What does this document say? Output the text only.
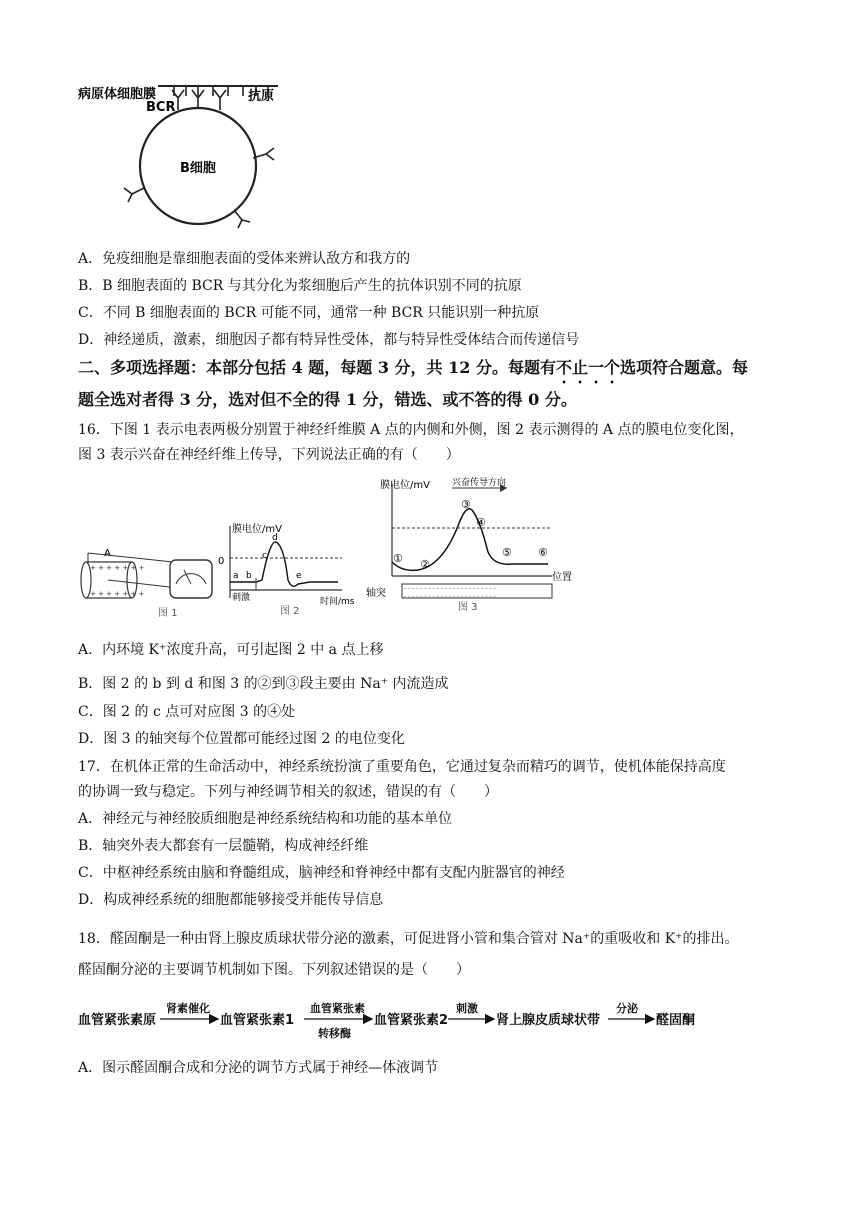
病原体细胞膜
BCR
抗原
B细胞
A．免疫细胞是靠细胞表面的受体来辨认敌方和我方的
B．B 细胞表面的 BCR 与其分化为浆细胞后产生的抗体识别不同的抗原
C．不同 B 细胞表面的 BCR 可能不同，通常一种 BCR 只能识别一种抗原
D．神经递质，激素，细胞因子都有特异性受体，都与特异性受体结合而传递信号
二、多项选择题：本部分包括 4 题，每题 3 分，共 12 分。每题有不止一个选项符合题意。每
题全选对者得 3 分，选对但不全的得 1 分，错选、或不答的得 0 分。
16．下图 1 表示电表两极分别置于神经纤维膜 A 点的内侧和外侧，图 2 表示测得的 A 点的膜电位变化图，
图 3 表示兴奋在神经纤维上传导，下列说法正确的有（　　）
+ + + + + + +
+ + + + + + +
A
0
图 1
膜电位/mV
时间/ms
刺激
a b
c
d
e
图 2
- - - - - - - - - - - - - - - - - - - - - - -
- - - - - - - - - - - - - - - - - - - - - - -
膜电位/mV 兴奋传导方向
位置
轴突
① ②
③
④
⑤ ⑥
图 3
A．内环境 K⁺浓度升高，可引起图 2 中 a 点上移
B．图 2 的 b 到 d 和图 3 的②到③段主要由 Na⁺ 内流造成
C．图 2 的 c 点可对应图 3 的④处
D．图 3 的轴突每个位置都可能经过图 2 的电位变化
17．在机体正常的生命活动中，神经系统扮演了重要角色，它通过复杂而精巧的调节，使机体能保持高度
的协调一致与稳定。下列与神经调节相关的叙述，错误的有（　　）
A．神经元与神经胶质细胞是神经系统结构和功能的基本单位
B．轴突外表大都套有一层髓鞘，构成神经纤维
C．中枢神经系统由脑和脊髓组成，脑神经和脊神经中都有支配内脏器官的神经
D．构成神经系统的细胞都能够接受并能传导信息
18．醛固酮是一种由肾上腺皮质球状带分泌的激素，可促进肾小管和集合管对 Na⁺的重吸收和 K⁺的排出。
醛固酮分泌的主要调节机制如下图。下列叙述错误的是（　　）
血管紧张素原	血管紧张素1	血管紧张素2	肾上腺皮质球状带	醛固酮
肾素催化	血管紧张素
转移酶
刺激	分泌
A．图示醛固酮合成和分泌的调节方式属于神经—体液调节
